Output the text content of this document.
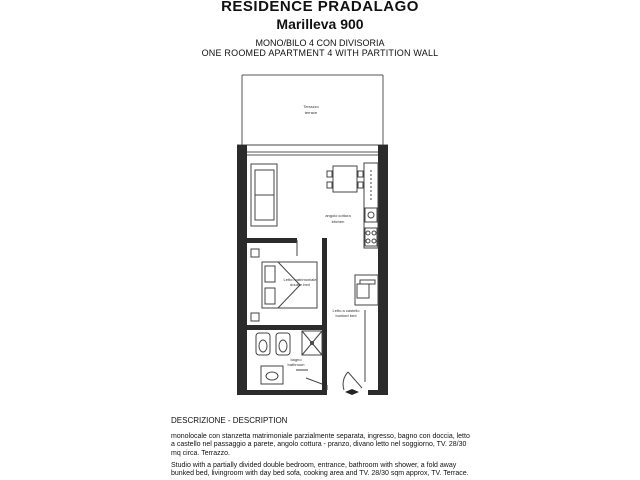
RESIDENCE PRADALAGO
Marilleva 900
MONO/BILO 4 CON DIVISORIA
ONE ROOMED APARTMENT 4 WITH PARTITION WALL
angolo cottura
kitchen
Letto matrimoniale
double bed
Letto a castello
bunked bed
bagno
bathroom
Terrazzo
terrace
DESCRIZIONE - DESCRIPTION
monolocale con stanzetta matrimoniale parzialmente separata, ingresso, bagno con doccia, letto a castello nel passaggio a parete, angolo cottura - pranzo, divano letto nel soggiorno, TV. 28/30 mq circa. Terrazzo.
Studio with a partially divided double bedroom, entrance, bathroom with shower, a fold away bunked bed, livingroom with day bed sofa, cooking area and TV. 28/30 sqm approx, TV. Terrace.
